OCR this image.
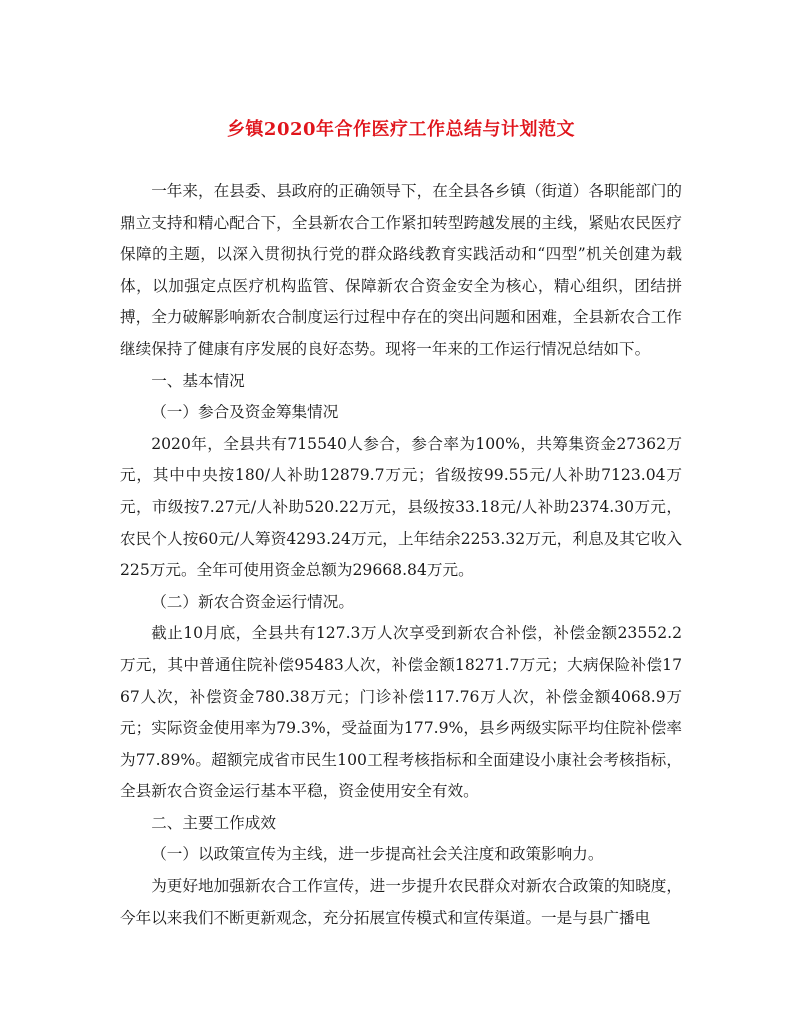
乡镇2020年合作医疗工作总结与计划范文

一年来，在县委、县政府的正确领导下，在全县各乡镇（街道）各职能部门的鼎立支持和精心配合下，全县新农合工作紧扣转型跨越发展的主线，紧贴农民医疗保障的主题，以深入贯彻执行党的群众路线教育实践活动和“四型”机关创建为载体，以加强定点医疗机构监管、保障新农合资金安全为核心，精心组织，团结拼搏，全力破解影响新农合制度运行过程中存在的突出问题和困难，全县新农合工作继续保持了健康有序发展的良好态势。现将一年来的工作运行情况总结如下。

一、基本情况

（一）参合及资金筹集情况

2020年，全县共有715540人参合，参合率为100%，共筹集资金27362万元，其中中央按180/人补助12879.7万元；省级按99.55元/人补助7123.04万元，市级按7.27元/人补助520.22万元，县级按33.18元/人补助2374.30万元，农民个人按60元/人筹资4293.24万元，上年结余2253.32万元，利息及其它收入225万元。全年可使用资金总额为29668.84万元。

（二）新农合资金运行情况。

截止10月底，全县共有127.3万人次享受到新农合补偿，补偿金额23552.2万元，其中普通住院补偿95483人次，补偿金额18271.7万元；大病保险补偿1767人次，补偿资金780.38万元；门诊补偿117.76万人次，补偿金额4068.9万元；实际资金使用率为79.3%，受益面为177.9%，县乡两级实际平均住院补偿率为77.89%。超额完成省市民生100工程考核指标和全面建设小康社会考核指标，全县新农合资金运行基本平稳，资金使用安全有效。

二、主要工作成效

（一）以政策宣传为主线，进一步提高社会关注度和政策影响力。

为更好地加强新农合工作宣传，进一步提升农民群众对新农合政策的知晓度，今年以来我们不断更新观念，充分拓展宣传模式和宣传渠道。一是与县广播电
